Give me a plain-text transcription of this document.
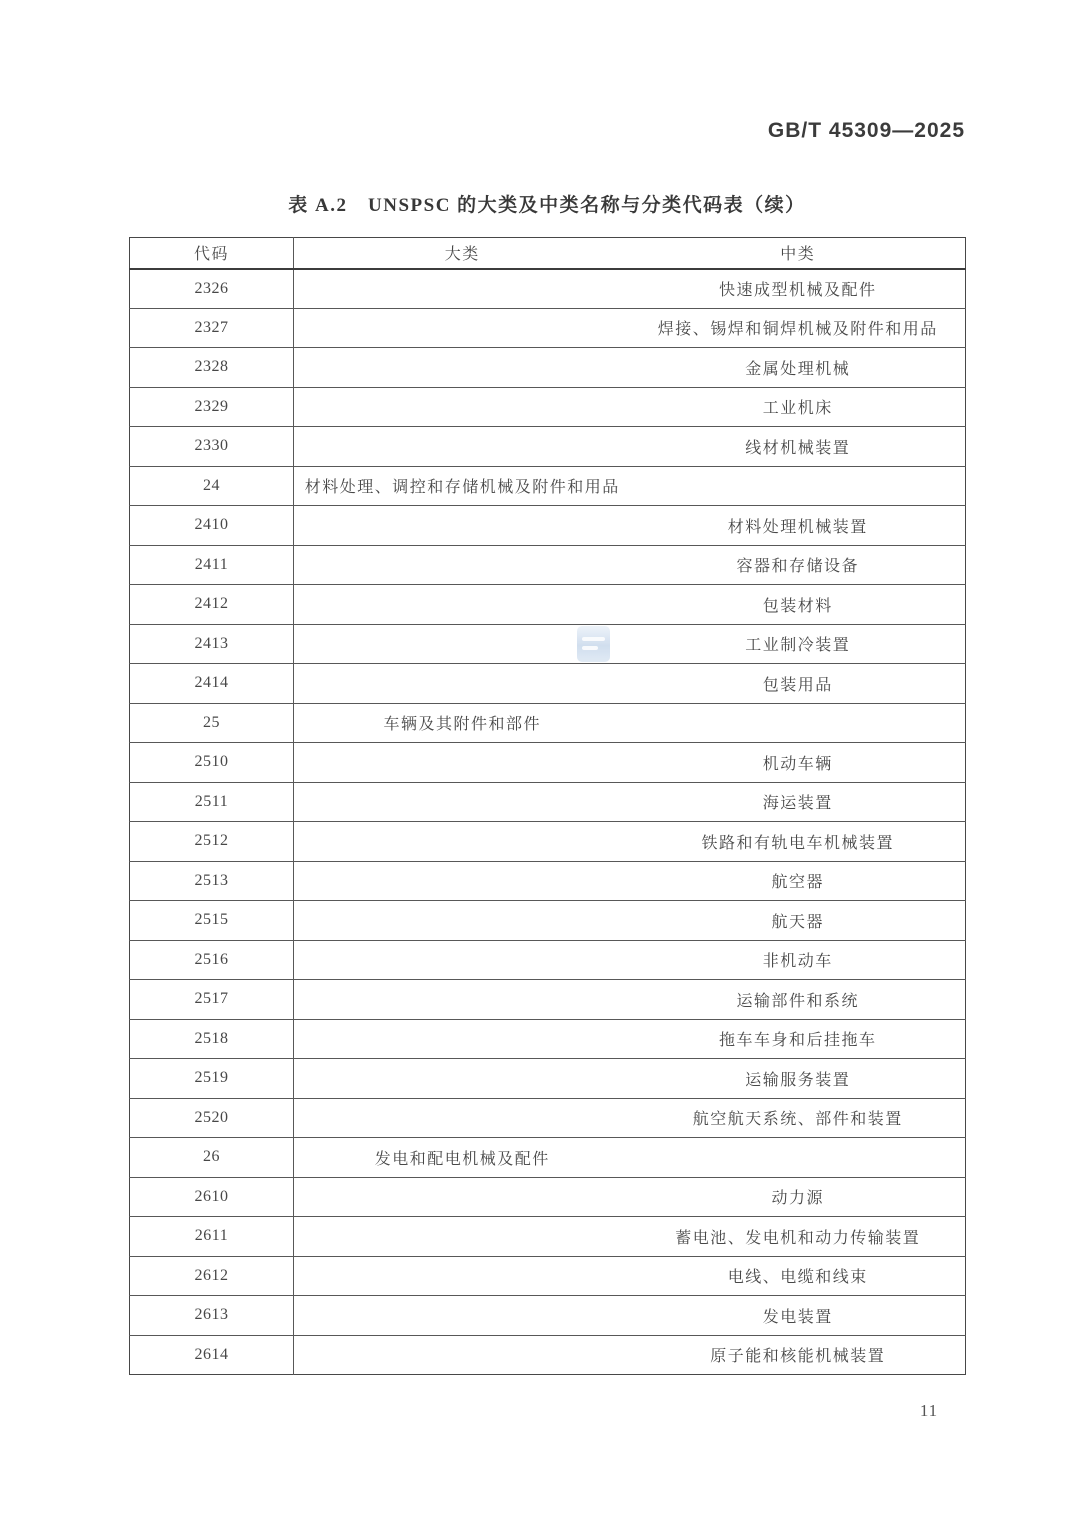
GB/T 45309—2025
表 A.2　UNSPSC 的大类及中类名称与分类代码表（续）
代码	大类	中类
2326		快速成型机械及配件
2327		焊接、锡焊和铜焊机械及附件和用品
2328		金属处理机械
2329		工业机床
2330		线材机械装置
24	材料处理、调控和存储机械及附件和用品	
2410		材料处理机械装置
2411		容器和存储设备
2412		包装材料
2413		工业制冷装置
2414		包装用品
25	车辆及其附件和部件	
2510		机动车辆
2511		海运装置
2512		铁路和有轨电车机械装置
2513		航空器
2515		航天器
2516		非机动车
2517		运输部件和系统
2518		拖车车身和后挂拖车
2519		运输服务装置
2520		航空航天系统、部件和装置
26	发电和配电机械及配件	
2610		动力源
2611		蓄电池、发电机和动力传输装置
2612		电线、电缆和线束
2613		发电装置
2614		原子能和核能机械装置
11
